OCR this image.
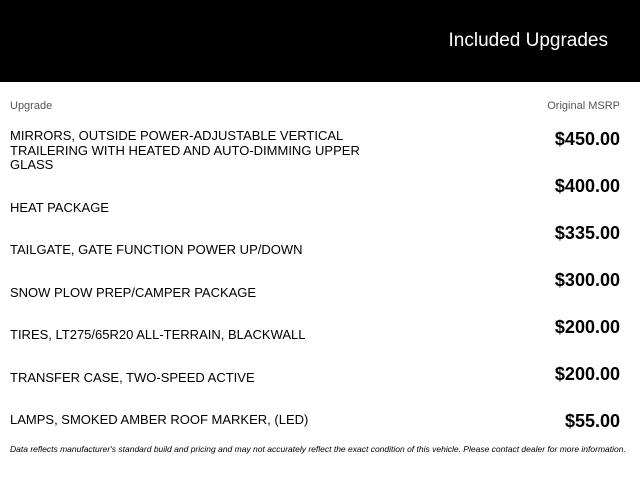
Included Upgrades
Upgrade	Original MSRP
MIRRORS, OUTSIDE POWER-ADJUSTABLE VERTICAL TRAILERING WITH HEATED AND AUTO-DIMMING UPPER GLASS
$450.00
$400.00
HEAT PACKAGE
$335.00
TAILGATE, GATE FUNCTION POWER UP/DOWN
$300.00
SNOW PLOW PREP/CAMPER PACKAGE
$200.00
TIRES, LT275/65R20 ALL-TERRAIN, BLACKWALL
$200.00
TRANSFER CASE, TWO-SPEED ACTIVE
$55.00
LAMPS, SMOKED AMBER ROOF MARKER, (LED)
Data reflects manufacturer's standard build and pricing and may not accurately reflect the exact condition of this vehicle. Please contact dealer for more information.
